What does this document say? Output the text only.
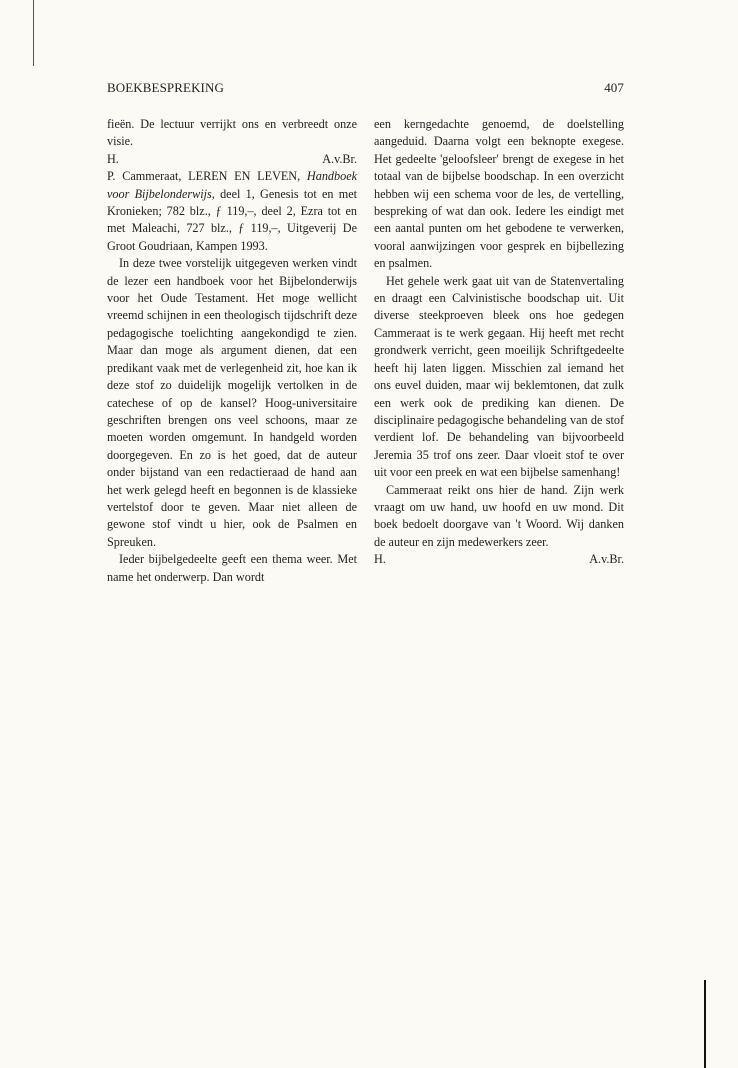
BOEKBESPREKING	407

fieën. De lectuur verrijkt ons en verbreedt onze visie.

H.	A.v.Br.

P. Cammeraat, LEREN EN LEVEN, Handboek voor Bijbelonderwijs, deel 1, Genesis tot en met Kronieken; 782 blz., ƒ 119,–, deel 2, Ezra tot en met Maleachi, 727 blz., ƒ 119,–, Uitgeverij De Groot Goudriaan, Kampen 1993.

In deze twee vorstelijk uitgegeven werken vindt de lezer een handboek voor het Bijbelonderwijs voor het Oude Testament. Het moge wellicht vreemd schijnen in een theologisch tijdschrift deze pedagogische toelichting aangekondigd te zien. Maar dan moge als argument dienen, dat een predikant vaak met de verlegenheid zit, hoe kan ik deze stof zo duidelijk mogelijk vertolken in de catechese of op de kansel? Hoog-universitaire geschriften brengen ons veel schoons, maar ze moeten worden omgemunt. In handgeld worden doorgegeven. En zo is het goed, dat de auteur onder bijstand van een redactieraad de hand aan het werk gelegd heeft en begonnen is de klassieke vertelstof door te geven. Maar niet alleen de gewone stof vindt u hier, ook de Psalmen en Spreuken.

Ieder bijbelgedeelte geeft een thema weer. Met name het onderwerp. Dan wordt

een kerngedachte genoemd, de doelstelling aangeduid. Daarna volgt een beknopte exegese. Het gedeelte 'geloofsleer' brengt de exegese in het totaal van de bijbelse boodschap. In een overzicht hebben wij een schema voor de les, de vertelling, bespreking of wat dan ook. Iedere les eindigt met een aantal punten om het gebodene te verwerken, vooral aanwijzingen voor gesprek en bijbellezing en psalmen.

Het gehele werk gaat uit van de Statenvertaling en draagt een Calvinistische boodschap uit. Uit diverse steekproeven bleek ons hoe gedegen Cammeraat is te werk gegaan. Hij heeft met recht grondwerk verricht, geen moeilijk Schriftgedeelte heeft hij laten liggen. Misschien zal iemand het ons euvel duiden, maar wij beklemtonen, dat zulk een werk ook de prediking kan dienen. De disciplinaire pedagogische behandeling van de stof verdient lof. De behandeling van bijvoorbeeld Jeremia 35 trof ons zeer. Daar vloeit stof te over uit voor een preek en wat een bijbelse samenhang!

Cammeraat reikt ons hier de hand. Zijn werk vraagt om uw hand, uw hoofd en uw mond. Dit boek bedoelt doorgave van 't Woord. Wij danken de auteur en zijn medewerkers zeer.

H.	A.v.Br.
